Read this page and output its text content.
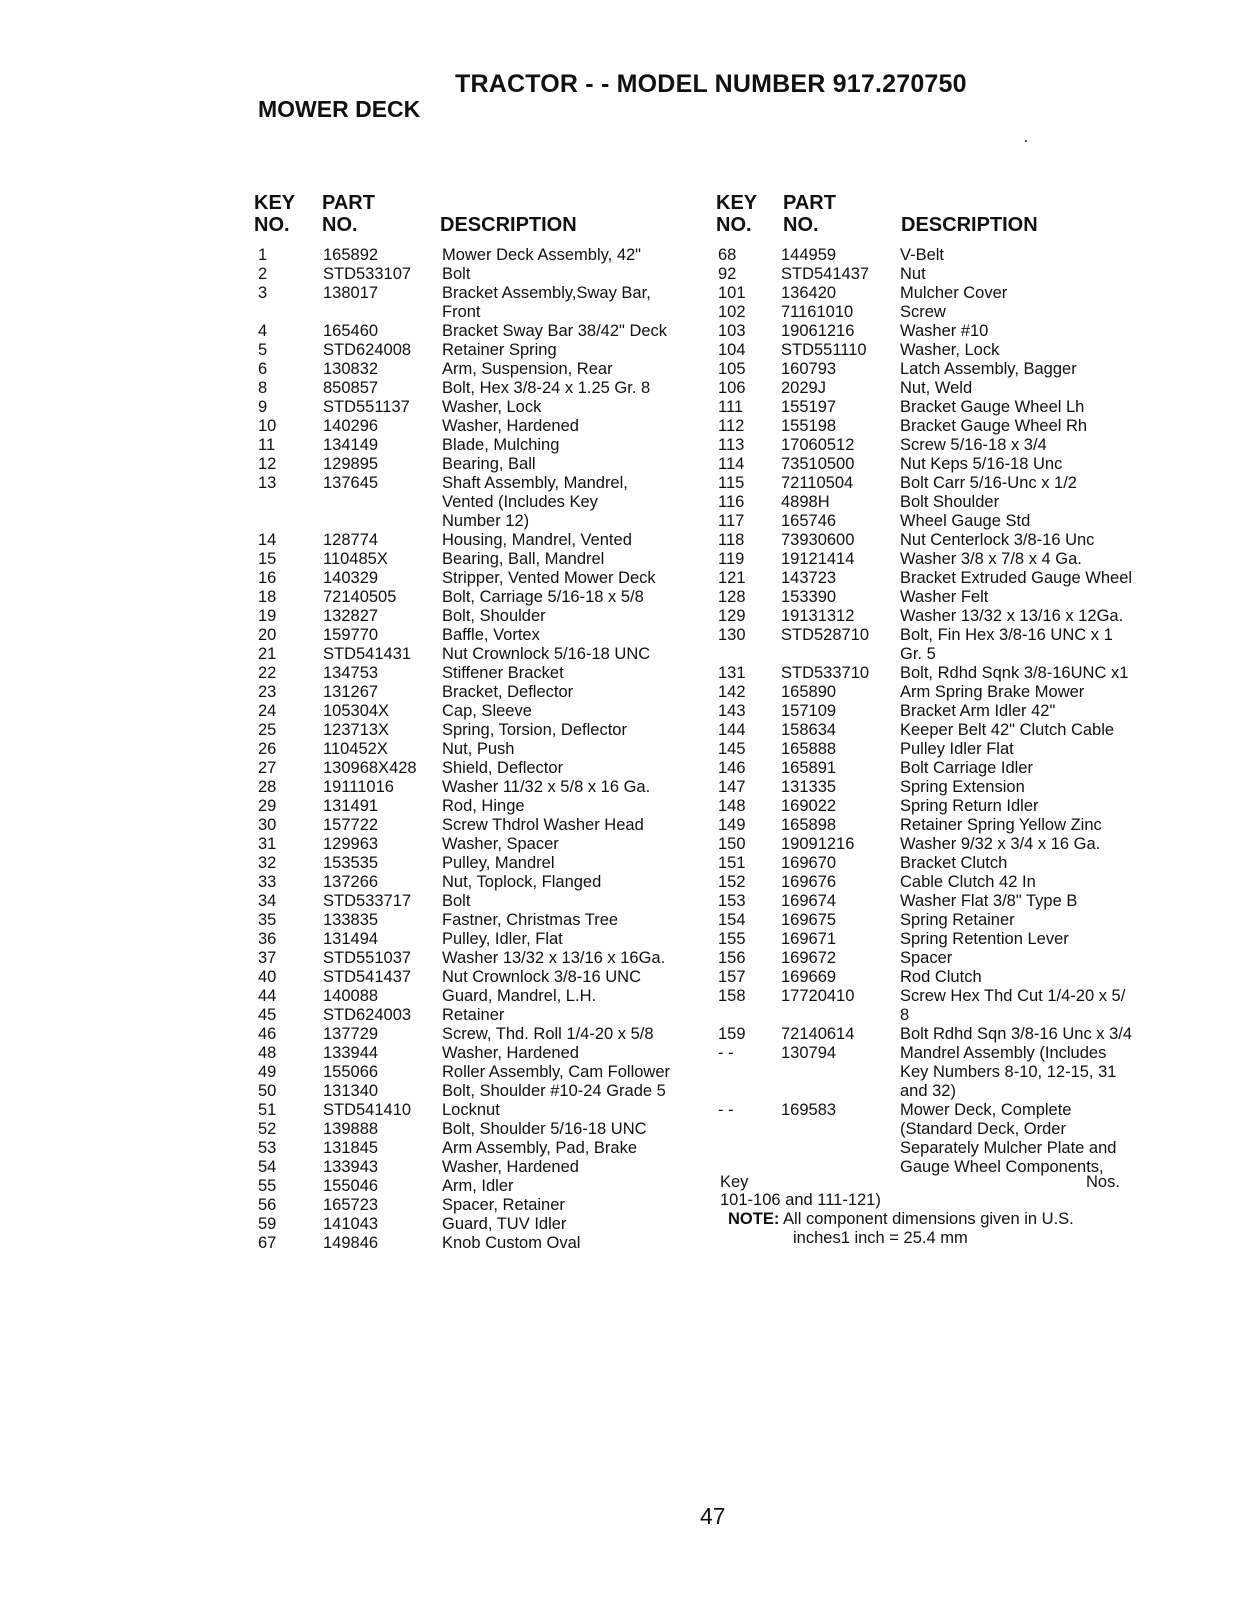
TRACTOR - - MODEL NUMBER 917.270750
MOWER DECK
KEY
NO.
PART
NO.	DESCRIPTION
KEY
NO.
PART
NO.	DESCRIPTION
1	165892	Mower Deck Assembly, 42"
2	STD533107 Bolt
3	138017	Bracket Assembly,Sway Bar,
Front
4	165460	Bracket Sway Bar 38/42" Deck
5	STD624008 Retainer Spring
6	130832	Arm, Suspension, Rear
8	850857	Bolt, Hex 3/8-24 x 1.25 Gr. 8
9	STD551137 Washer, Lock
10	140296	Washer, Hardened
11	134149	Blade, Mulching
12	129895	Bearing, Ball
13	137645	Shaft Assembly, Mandrel,
Vented (Includes Key
Number 12)
14	128774	Housing, Mandrel, Vented
15	110485X	Bearing, Ball, Mandrel
16	140329	Stripper, Vented Mower Deck
18	72140505	Bolt, Carriage 5/16-18 x 5/8
19	132827	Bolt, Shoulder
20	159770	Baffle, Vortex
21	STD541431 Nut Crownlock 5/16-18 UNC
22	134753	Stiffener Bracket
23	131267	Bracket, Deflector
24	105304X	Cap, Sleeve
25	123713X	Spring, Torsion, Deflector
26	110452X	Nut, Push
27	130968X428 Shield, Deflector
28	19111016	Washer 11/32 x 5/8 x 16 Ga.
29	131491	Rod, Hinge
30	157722	Screw Thdrol Washer Head
31	129963	Washer, Spacer
32	153535	Pulley, Mandrel
33	137266	Nut, Toplock, Flanged
34	STD533717 Bolt
35	133835	Fastner, Christmas Tree
36	131494	Pulley, Idler, Flat
37	STD551037 Washer 13/32 x 13/16 x 16Ga.
40	STD541437 Nut Crownlock 3/8-16 UNC
44	140088	Guard, Mandrel, L.H.
45	STD624003 Retainer
46	137729	Screw, Thd. Roll 1/4-20 x 5/8
48	133944	Washer, Hardened
49	155066	Roller Assembly, Cam Follower
50	131340	Bolt, Shoulder #10-24 Grade 5
51	STD541410 Locknut
52	139888	Bolt, Shoulder 5/16-18 UNC
53	131845	Arm Assembly, Pad, Brake
54	133943	Washer, Hardened
55	155046	Arm, Idler
56	165723	Spacer, Retainer
59	141043	Guard, TUV Idler
67	149846	Knob Custom Oval
68	144959	V-Belt
92	STD541437 Nut
101 136420	Mulcher Cover
102 71161010	Screw
103 19061216	Washer #10
104 STD551110 Washer, Lock
105 160793	Latch Assembly, Bagger
106 2029J	Nut, Weld
111 155197	Bracket Gauge Wheel Lh
112 155198	Bracket Gauge Wheel Rh
113 17060512	Screw 5/16-18 x 3/4
114 73510500	Nut Keps 5/16-18 Unc
115 72110504	Bolt Carr 5/16-Unc x 1/2
116 4898H	Bolt Shoulder
117 165746	Wheel Gauge Std
118 73930600	Nut Centerlock 3/8-16 Unc
119 19121414	Washer 3/8 x 7/8 x 4 Ga.
121 143723	Bracket Extruded Gauge Wheel
128 153390	Washer Felt
129 19131312	Washer 13/32 x 13/16 x 12Ga.
130 STD528710 Bolt, Fin Hex 3/8-16 UNC x 1
Gr. 5
131 STD533710 Bolt, Rdhd Sqnk 3/8-16UNC x1
142 165890	Arm Spring Brake Mower
143 157109	Bracket Arm Idler 42"
144 158634	Keeper Belt 42" Clutch Cable
145 165888	Pulley Idler Flat
146 165891	Bolt Carriage Idler
147 131335	Spring Extension
148 169022	Spring Return Idler
149 165898	Retainer Spring Yellow Zinc
150 19091216	Washer 9/32 x 3/4 x 16 Ga.
151 169670	Bracket Clutch
152 169676	Cable Clutch 42 In
153 169674	Washer Flat 3/8" Type B
154 169675	Spring Retainer
155 169671	Spring Retention Lever
156 169672	Spacer
157 169669	Rod Clutch
158 17720410	Screw Hex Thd Cut 1/4-20 x 5/
8
159 72140614	Bolt Rdhd Sqn 3/8-16 Unc x 3/4
- -	130794	Mandrel Assembly (Includes
Key Numbers 8-10, 12-15, 31
and 32)
- -	169583	Mower Deck, Complete
(Standard Deck, Order
Separately Mulcher Plate and
Gauge Wheel Components,
Key	Nos.
101-106 and 111-121)
NOTE: All component dimensions given in U.S.
inches1 inch = 25.4 mm
47
